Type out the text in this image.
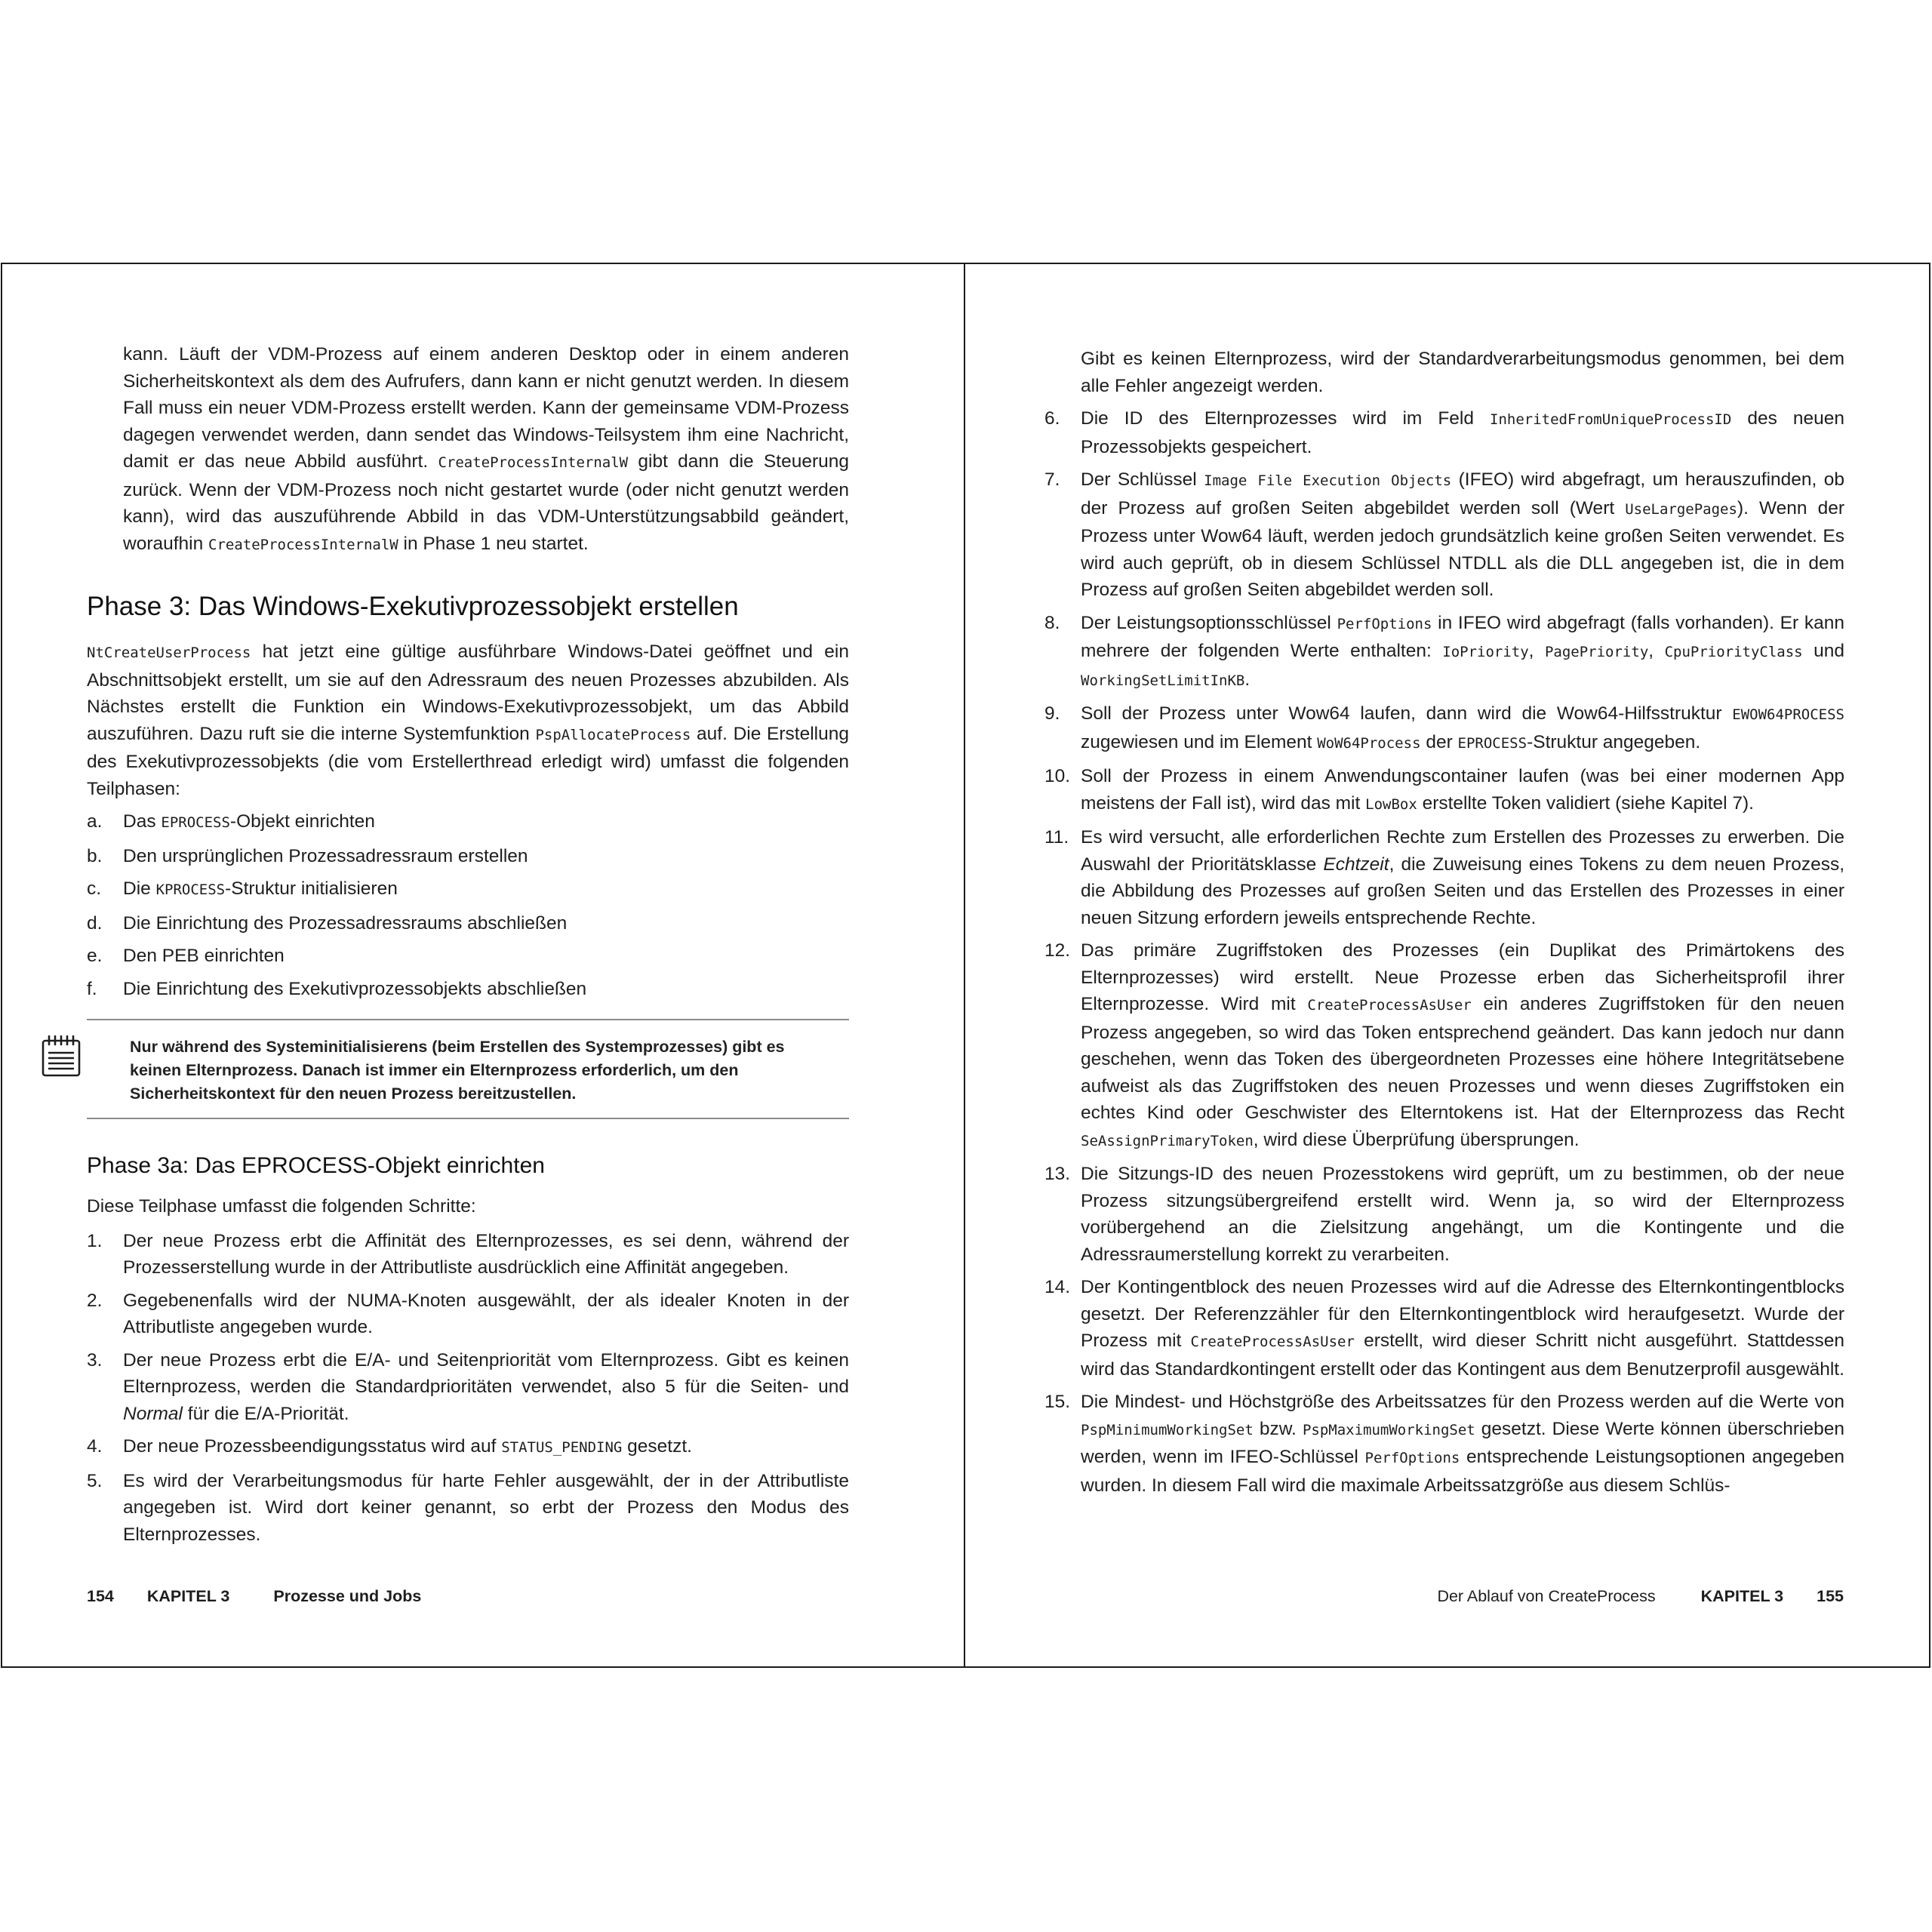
kann. Läuft der VDM-Prozess auf einem anderen Desktop oder in einem anderen Sicherheitskontext als dem des Aufrufers, dann kann er nicht genutzt werden. In diesem Fall muss ein neuer VDM-Prozess erstellt werden. Kann der gemeinsame VDM-Prozess dagegen verwendet werden, dann sendet das Windows-Teilsystem ihm eine Nachricht, damit er das neue Abbild ausführt. CreateProcessInternalW gibt dann die Steuerung zurück. Wenn der VDM-Prozess noch nicht gestartet wurde (oder nicht genutzt werden kann), wird das auszuführende Abbild in das VDM-Unterstützungsabbild geändert, woraufhin CreateProcessInternalW in Phase 1 neu startet.

Phase 3: Das Windows-Exekutivprozessobjekt erstellen

NtCreateUserProcess hat jetzt eine gültige ausführbare Windows-Datei geöffnet und ein Abschnittsobjekt erstellt, um sie auf den Adressraum des neuen Prozesses abzubilden. Als Nächstes erstellt die Funktion ein Windows-Exekutivprozessobjekt, um das Abbild auszuführen. Dazu ruft sie die interne Systemfunktion PspAllocateProcess auf. Die Erstellung des Exekutivprozessobjekts (die vom Erstellerthread erledigt wird) umfasst die folgenden Teilphasen:

a. Das EPROCESS-Objekt einrichten
b. Den ursprünglichen Prozessadressraum erstellen
c. Die KPROCESS-Struktur initialisieren
d. Die Einrichtung des Prozessadressraums abschließen
e. Den PEB einrichten
f. Die Einrichtung des Exekutivprozessobjekts abschließen
Nur während des Systeminitialisierens (beim Erstellen des Systemprozesses) gibt es keinen Elternprozess. Danach ist immer ein Elternprozess erforderlich, um den Sicherheitskontext für den neuen Prozess bereitzustellen.
Phase 3a: Das EPROCESS-Objekt einrichten

Diese Teilphase umfasst die folgenden Schritte:

1. Der neue Prozess erbt die Affinität des Elternprozesses, es sei denn, während der Prozesserstellung wurde in der Attributliste ausdrücklich eine Affinität angegeben.
2. Gegebenenfalls wird der NUMA-Knoten ausgewählt, der als idealer Knoten in der Attributliste angegeben wurde.
3. Der neue Prozess erbt die E/A- und Seitenpriorität vom Elternprozess. Gibt es keinen Elternprozess, werden die Standardprioritäten verwendet, also 5 für die Seiten- und Normal für die E/A-Priorität.
4. Der neue Prozessbeendigungsstatus wird auf STATUS_PENDING gesetzt.
5. Es wird der Verarbeitungsmodus für harte Fehler ausgewählt, der in der Attributliste angegeben ist. Wird dort keiner genannt, so erbt der Prozess den Modus des Elternprozesses.

Gibt es keinen Elternprozess, wird der Standardverarbeitungsmodus genommen, bei dem alle Fehler angezeigt werden.

6. Die ID des Elternprozesses wird im Feld InheritedFromUniqueProcessID des neuen Prozessobjekts gespeichert.
7. Der Schlüssel Image File Execution Objects (IFEO) wird abgefragt, um herauszufinden, ob der Prozess auf großen Seiten abgebildet werden soll (Wert UseLargePages). Wenn der Prozess unter Wow64 läuft, werden jedoch grundsätzlich keine großen Seiten verwendet. Es wird auch geprüft, ob in diesem Schlüssel NTDLL als die DLL angegeben ist, die in dem Prozess auf großen Seiten abgebildet werden soll.
8. Der Leistungsoptionsschlüssel PerfOptions in IFEO wird abgefragt (falls vorhanden). Er kann mehrere der folgenden Werte enthalten: IoPriority, PagePriority, CpuPriorityClass und WorkingSetLimitInKB.
9. Soll der Prozess unter Wow64 laufen, dann wird die Wow64-Hilfsstruktur EWOW64PROCESS zugewiesen und im Element WoW64Process der EPROCESS-Struktur angegeben.
10. Soll der Prozess in einem Anwendungscontainer laufen (was bei einer modernen App meistens der Fall ist), wird das mit LowBox erstellte Token validiert (siehe Kapitel 7).
11. Es wird versucht, alle erforderlichen Rechte zum Erstellen des Prozesses zu erwerben. Die Auswahl der Prioritätsklasse Echtzeit, die Zuweisung eines Tokens zu dem neuen Prozess, die Abbildung des Prozesses auf großen Seiten und das Erstellen des Prozesses in einer neuen Sitzung erfordern jeweils entsprechende Rechte.
12. Das primäre Zugriffstoken des Prozesses (ein Duplikat des Primärtokens des Elternprozesses) wird erstellt. Neue Prozesse erben das Sicherheitsprofil ihrer Elternprozesse. Wird mit CreateProcessAsUser ein anderes Zugriffstoken für den neuen Prozess angegeben, so wird das Token entsprechend geändert. Das kann jedoch nur dann geschehen, wenn das Token des übergeordneten Prozesses eine höhere Integritätsebene aufweist als das Zugriffstoken des neuen Prozesses und wenn dieses Zugriffstoken ein echtes Kind oder Geschwister des Elterntokens ist. Hat der Elternprozess das Recht SeAssignPrimaryToken, wird diese Überprüfung übersprungen.
13. Die Sitzungs-ID des neuen Prozesstokens wird geprüft, um zu bestimmen, ob der neue Prozess sitzungsübergreifend erstellt wird. Wenn ja, so wird der Elternprozess vorübergehend an die Zielsitzung angehängt, um die Kontingente und die Adressraumerstellung korrekt zu verarbeiten.
14. Der Kontingentblock des neuen Prozesses wird auf die Adresse des Elternkontingentblocks gesetzt. Der Referenzzähler für den Elternkontingentblock wird heraufgesetzt. Wurde der Prozess mit CreateProcessAsUser erstellt, wird dieser Schritt nicht ausgeführt. Stattdessen wird das Standardkontingent erstellt oder das Kontingent aus dem Benutzerprofil ausgewählt.
15. Die Mindest- und Höchstgröße des Arbeitssatzes für den Prozess werden auf die Werte von PspMinimumWorkingSet bzw. PspMaximumWorkingSet gesetzt. Diese Werte können überschrieben werden, wenn im IFEO-Schlüssel PerfOptions entsprechende Leistungsoptionen angegeben wurden. In diesem Fall wird die maximale Arbeitssatzgröße aus diesem Schlüs-
154 KAPITEL 3	Prozesse und Jobs	Der Ablauf von CreateProcess	KAPITEL 3 155
